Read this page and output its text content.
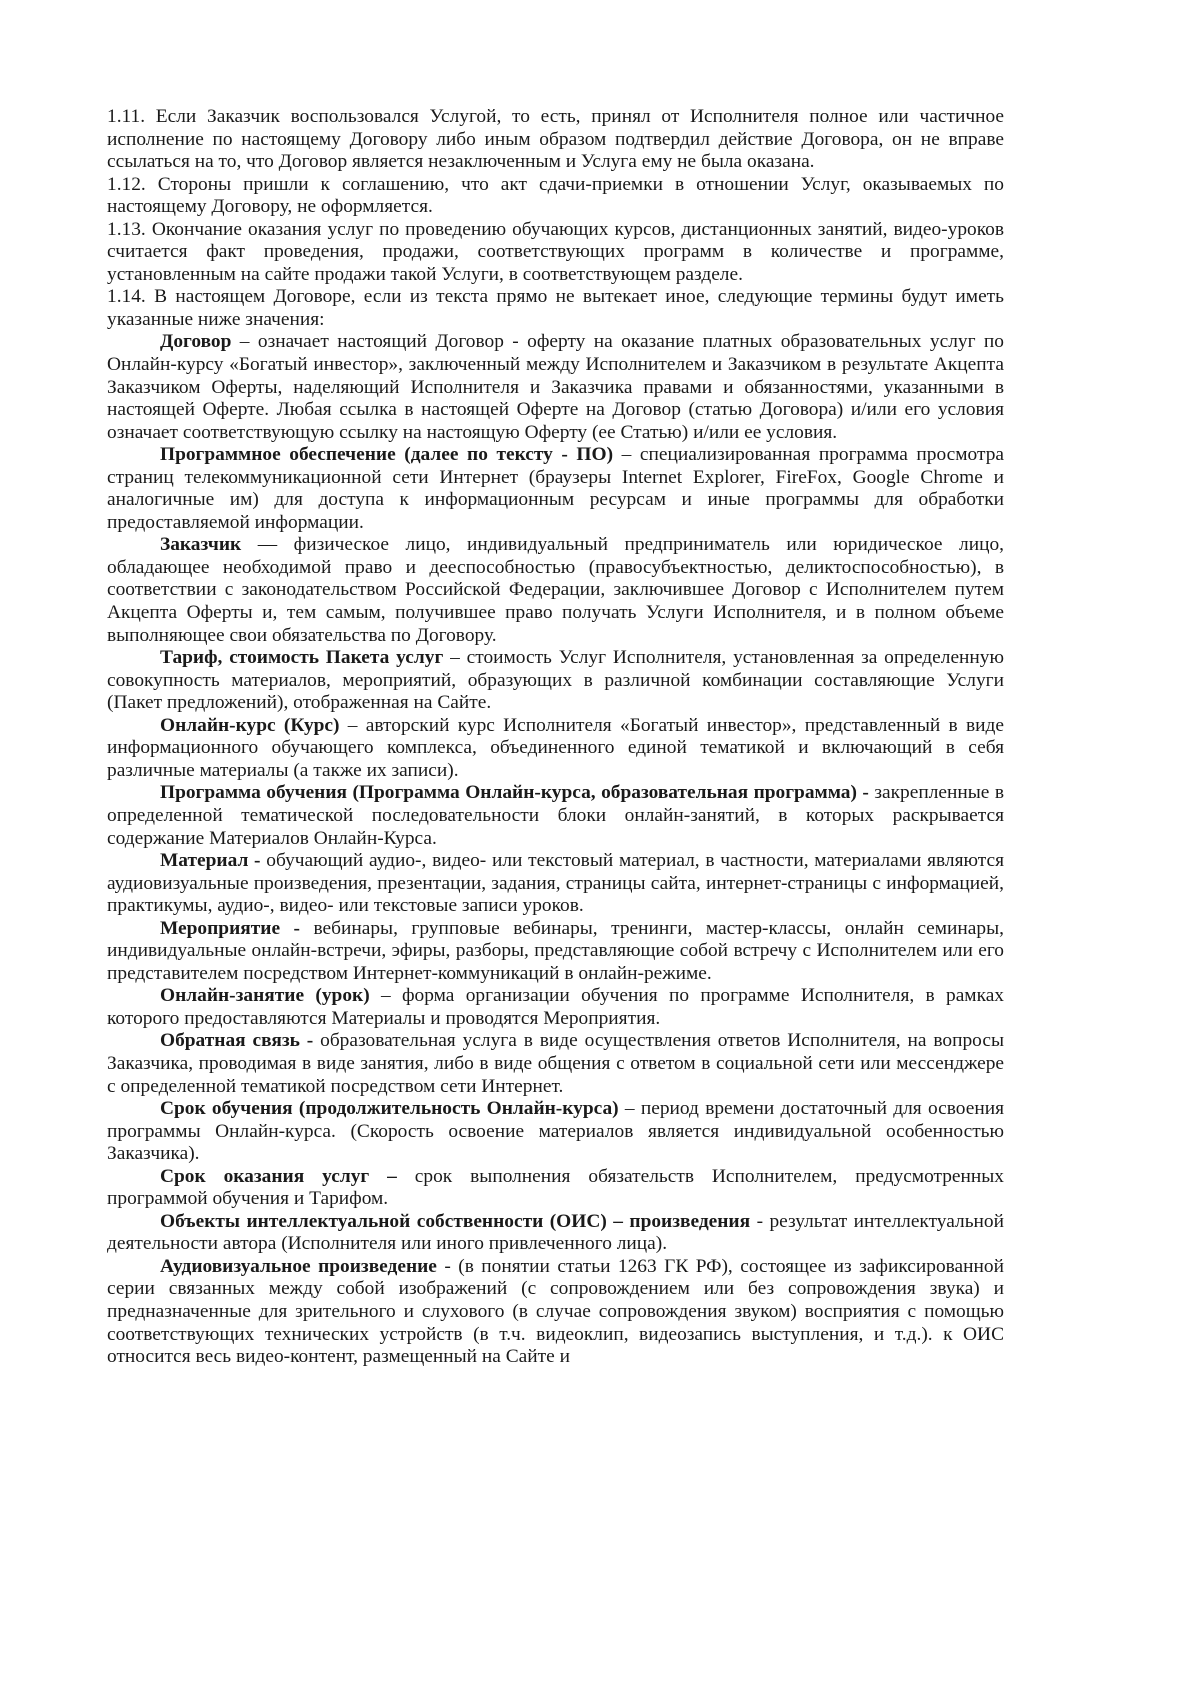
1.11. Если Заказчик воспользовался Услугой, то есть, принял от Исполнителя полное или частичное исполнение по настоящему Договору либо иным образом подтвердил действие Договора, он не вправе ссылаться на то, что Договор является незаключенным и Услуга ему не была оказана.

1.12. Стороны пришли к соглашению, что акт сдачи-приемки в отношении Услуг, оказываемых по настоящему Договору, не оформляется.

1.13. Окончание оказания услуг по проведению обучающих курсов, дистанционных занятий, видео-уроков считается факт проведения, продажи, соответствующих программ в количестве и программе, установленным на сайте продажи такой Услуги, в соответствующем разделе.

1.14. В настоящем Договоре, если из текста прямо не вытекает иное, следующие термины будут иметь указанные ниже значения:

Договор – означает настоящий Договор - оферту на оказание платных образовательных услуг по Онлайн-курсу «Богатый инвестор», заключенный между Исполнителем и Заказчиком в результате Акцепта Заказчиком Оферты, наделяющий Исполнителя и Заказчика правами и обязанностями, указанными в настоящей Оферте. Любая ссылка в настоящей Оферте на Договор (статью Договора) и/или его условия означает соответствующую ссылку на настоящую Оферту (ее Статью) и/или ее условия.

Программное обеспечение (далее по тексту - ПО) – специализированная программа просмотра страниц телекоммуникационной сети Интернет (браузеры Internet Explorer, FireFox, Google Chrome и аналогичные им) для доступа к информационным ресурсам и иные программы для обработки предоставляемой информации.

Заказчик — физическое лицо, индивидуальный предприниматель или юридическое лицо, обладающее необходимой право и дееспособностью (правосубъектностью, деликтоспособностью), в соответствии с законодательством Российской Федерации, заключившее Договор с Исполнителем путем Акцепта Оферты и, тем самым, получившее право получать Услуги Исполнителя, и в полном объеме выполняющее свои обязательства по Договору.

Тариф, стоимость Пакета услуг – стоимость Услуг Исполнителя, установленная за определенную совокупность материалов, мероприятий, образующих в различной комбинации составляющие Услуги (Пакет предложений), отображенная на Сайте.

Онлайн-курс (Курс) – авторский курс Исполнителя «Богатый инвестор», представленный в виде информационного обучающего комплекса, объединенного единой тематикой и включающий в себя различные материалы (а также их записи).

Программа обучения (Программа Онлайн-курса, образовательная программа) - закрепленные в определенной тематической последовательности блоки онлайн-занятий, в которых раскрывается содержание Материалов Онлайн-Курса.

Материал - обучающий аудио-, видео- или текстовый материал, в частности, материалами являются аудиовизуальные произведения, презентации, задания, страницы сайта, интернет-страницы с информацией, практикумы, аудио-, видео- или текстовые записи уроков.

Мероприятие - вебинары, групповые вебинары, тренинги, мастер-классы, онлайн семинары, индивидуальные онлайн-встречи, эфиры, разборы, представляющие собой встречу с Исполнителем или его представителем посредством Интернет-коммуникаций в онлайн-режиме.

Онлайн-занятие (урок) – форма организации обучения по программе Исполнителя, в рамках которого предоставляются Материалы и проводятся Мероприятия.

Обратная связь - образовательная услуга в виде осуществления ответов Исполнителя, на вопросы Заказчика, проводимая в виде занятия, либо в виде общения с ответом в социальной сети или мессенджере с определенной тематикой посредством сети Интернет.

Срок обучения (продолжительность Онлайн-курса) – период времени достаточный для освоения программы Онлайн-курса. (Скорость освоение материалов является индивидуальной особенностью Заказчика).

Срок оказания услуг – срок выполнения обязательств Исполнителем, предусмотренных программой обучения и Тарифом.

Объекты интеллектуальной собственности (ОИС) – произведения - результат интеллектуальной деятельности автора (Исполнителя или иного привлеченного лица).

Аудиовизуальное произведение - (в понятии статьи 1263 ГК РФ), состоящее из зафиксированной серии связанных между собой изображений (с сопровождением или без сопровождения звука) и предназначенные для зрительного и слухового (в случае сопровождения звуком) восприятия с помощью соответствующих технических устройств (в т.ч. видеоклип, видеозапись выступления, и т.д.). к ОИС относится весь видео-контент, размещенный на Сайте и
